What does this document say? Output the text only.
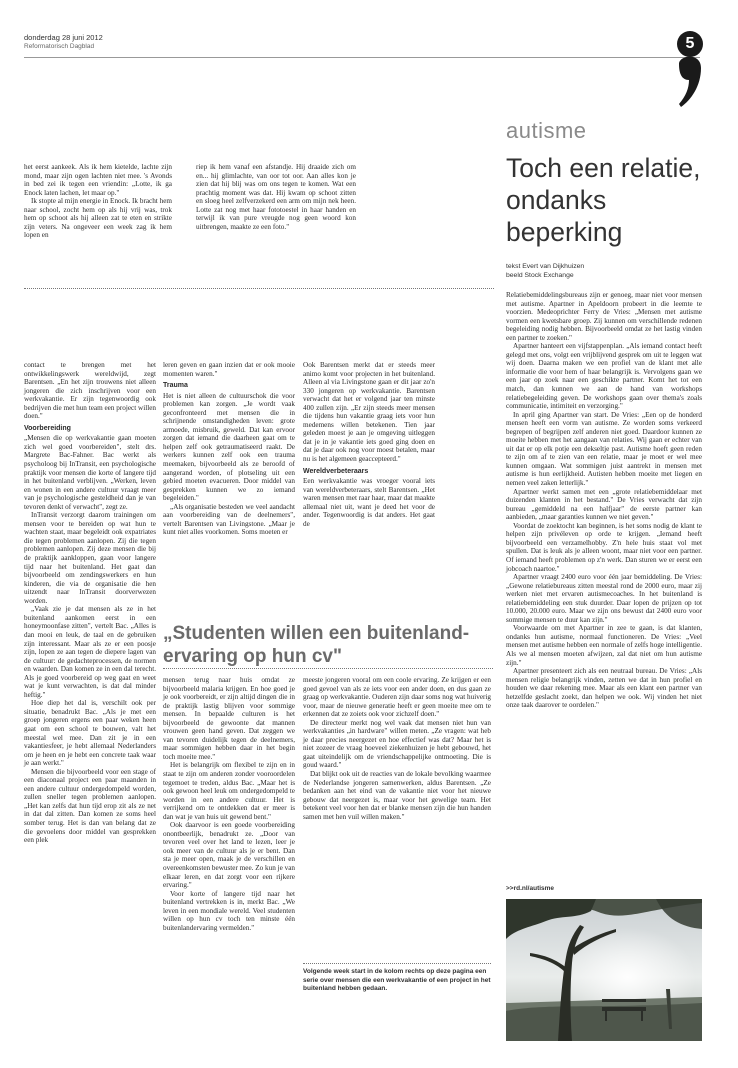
donderdag 28 juni 2012
Reformatorisch Dagblad	5

het eerst aankeek. Als ik hem kietelde, lachte zijn mond, maar zijn ogen lachten niet mee. 's Avonds in bed zei ik tegen een vriendin: „Lotte, ik ga Enock laten lachen, let maar op."

Ik stopte al mijn energie in Enock. Ik bracht hem naar school, zocht hem op als hij vrij was, trok hem op schoot als hij alleen zat te eten en strikte zijn veters. Na ongeveer een week zag ik hem lopen en

riep ik hem vanaf een afstandje. Hij draaide zich om en... hij glimlachte, van oor tot oor. Aan alles kon je zien dat hij blij was om ons tegen te komen. Wat een prachtig moment was dat. Hij kwam op schoot zitten en sloeg heel zelfverzekerd een arm om mijn nek heen. Lotte zat nog met haar fototoestel in haar handen en terwijl ik van pure vreugde nog geen woord kon uitbrengen, maakte ze een foto."

autisme
Toch een relatie, ondanks beperking
tekst Evert van Dijkhuizen
beeld Stock Exchange

Relatiebemiddelingsbureaus zijn er genoeg, maar niet voor mensen met autisme. Apartner in Apeldoorn probeert in die leemte te voorzien. Medeoprichter Ferry de Vries: „Mensen met autisme vormen een kwetsbare groep. Zij kunnen om verschillende redenen begeleiding nodig hebben. Bijvoorbeeld omdat ze het lastig vinden een partner te zoeken."

Apartner hanteert een vijfstappenplan. „Als iemand contact heeft gelegd met ons, volgt een vrijblijvend gesprek om uit te leggen wat wij doen. Daarna maken we een profiel van de klant met alle informatie die voor hem of haar belangrijk is. Vervolgens gaan we een jaar op zoek naar een geschikte partner. Komt het tot een match, dan kunnen we aan de hand van workshops relatiebegeleiding geven. De workshops gaan over thema's zoals communicatie, intimiteit en verzorging."

In april ging Apartner van start. De Vries: „Een op de honderd mensen heeft een vorm van autisme. Ze worden soms verkeerd begrepen of begrijpen zelf anderen niet goed. Daardoor kunnen ze moeite hebben met het aangaan van relaties. Wij gaan er echter van uit dat er op elk potje een dekseltje past. Autisme hoeft geen reden te zijn om af te zien van een relatie, maar je moet er wel mee kunnen omgaan. Wat sommigen juist aantrekt in mensen met autisme is hun eerlijkheid. Autisten hebben moeite met liegen en nemen veel zaken letterlijk."

Apartner werkt samen met een „grote relatiebemiddelaar met duizenden klanten in het bestand." De Vries verwacht dat zijn bureau „gemiddeld na een halfjaar" de eerste partner kan aanbieden, „maar garanties kunnen we niet geven."

Voordat de zoektocht kan beginnen, is het soms nodig de klant te helpen zijn privéleven op orde te krijgen. „Iemand heeft bijvoorbeeld een verzamelhobby. Z'n hele huis staat vol met spullen. Dat is leuk als je alleen woont, maar niet voor een partner. Of iemand heeft problemen op z'n werk. Dan sturen we er eerst een jobcoach naartoe."

Apartner vraagt 2400 euro voor één jaar bemiddeling. De Vries: „Gewone relatiebureaus zitten meestal rond de 2000 euro, maar zij werken niet met ervaren autismecoaches. In het buitenland is relatiebemiddeling een stuk duurder. Daar lopen de prijzen op tot 10.000, 20.000 euro. Maar we zijn ons bewust dat 2400 euro voor sommige mensen te duur kan zijn."

Voorwaarde om met Apartner in zee te gaan, is dat klanten, ondanks hun autisme, normaal functioneren. De Vries: „Veel mensen met autisme hebben een normale of zelfs hoge intelligentie. Als we al mensen moeten afwijzen, zal dat niet om hun autisme zijn."

Apartner presenteert zich als een neutraal bureau. De Vries: „Als mensen religie belangrijk vinden, zetten we dat in hun profiel en houden we daar rekening mee. Maar als een klant een partner van hetzelfde geslacht zoekt, dan helpen we ook. Wij vinden het niet onze taak daarover te oordelen."

>>rd.nl/autisme

contact te brengen met het ontwikkelingswerk wereldwijd, zegt Barentsen. „En het zijn trouwens niet alleen jongeren die zich inschrijven voor een werkvakantie. Er zijn tegenwoordig ook bedrijven die met hun team een project willen doen."

Voorbereiding

„Mensen die op werkvakantie gaan moeten zich wel goed voorbereiden", stelt drs. Margrete Bac-Fahner. Bac werkt als psycholoog bij InTransit, een psychologische praktijk voor mensen die korte of langere tijd in het buitenland verblijven. „Werken, leven en wonen in een andere cultuur vraagt meer van je psychologische gesteldheid dan je van tevoren denkt of verwacht", zegt ze.

InTransit verzorgt daarom trainingen om mensen voor te bereiden op wat hun te wachten staat, maar begeleidt ook expatriates die tegen problemen aanlopen. Zij die tegen problemen aanlopen. Zij deze mensen die bij de praktijk aankloppen, gaan voor langere tijd naar het buitenland. Het gaat dan bijvoorbeeld om zendingswerkers en hun kinderen, die via de organisatie die hen uitzendt naar InTransit doorverwezen worden.

„Vaak zie je dat mensen als ze in het buitenland aankomen eerst in een honeymoonfase zitten", vertelt Bac. „Alles is dan mooi en leuk, de taal en de gebruiken zijn interessant. Maar als ze er een poosje zijn, lopen ze aan tegen de diepere lagen van de cultuur: de gedachteprocessen, de normen en waarden. Dan komen ze in een dal terecht. Als je goed voorbereid op weg gaat en weet wat je kunt verwachten, is dat dal minder heftig."

Hoe diep het dal is, verschilt ook per situatie, benadrukt Bac. „Als je met een groep jongeren ergens een paar weken heen gaat om een school te bouwen, valt het meestal wel mee. Dan zit je in een vakantiesfeer, je hebt allemaal Nederlanders om je heen en je hebt een concrete taak waar je aan werkt."

Mensen die bijvoorbeeld voor een stage of een diaconaal project een paar maanden in een andere cultuur ondergedompeld worden, zullen sneller tegen problemen aanlopen. „Het kan zelfs dat hun tijd erop zit als ze net in dat dal zitten. Dan komen ze soms heel somber terug. Het is dan van belang dat ze die gevoelens door middel van gesprekken een plek

leren geven en gaan inzien dat er ook mooie momenten waren."

Trauma

Het is niet alleen de cultuurschok die voor problemen kan zorgen. „Je wordt vaak geconfronteerd met mensen die in schrijnende omstandigheden leven: grote armoede, misbruik, geweld. Dat kan ervoor zorgen dat iemand die daarheen gaat om te helpen zelf ook getraumatiseerd raakt. De werkers kunnen zelf ook een trauma meemaken, bijvoorbeeld als ze beroofd of aangerand worden, of plotseling uit een gebied moeten evacueren. Door middel van gesprekken kunnen we zo iemand begeleiden."

„Als organisatie besteden we veel aandacht aan voorbereiding van de deelnemers", vertelt Barentsen van Livingstone. „Maar je kunt niet alles voorkomen. Soms moeten er

Ook Barentsen merkt dat er steeds meer animo komt voor projecten in het buitenland. Alleen al via Livingstone gaan er dit jaar zo'n 330 jongeren op werkvakantie. Barentsen verwacht dat het er volgend jaar ten minste 400 zullen zijn. „Er zijn steeds meer mensen die tijdens hun vakantie graag iets voor hun medemens willen betekenen. Tien jaar geleden moest je aan je omgeving uitleggen dat je in je vakantie iets goed ging doen en dat je daar ook nog voor moest betalen, maar nu is het algemeen geaccepteerd."

Wereldverbeteraars

Een werkvakantie was vroeger vooral iets van wereldverbeteraars, stelt Barentsen. „Het waren mensen met raar haar, maar dat maakte allemaal niet uit, want je deed het voor de ander. Tegenwoordig is dat anders. Het gaat de

„Studenten willen een buitenland-ervaring op hun cv"

mensen terug naar huis omdat ze bijvoorbeeld malaria krijgen. En hoe goed je je ook voorbereidt, er zijn altijd dingen die in de praktijk lastig blijven voor sommige mensen. In bepaalde culturen is het bijvoorbeeld de gewoonte dat mannen vrouwen geen hand geven. Dat zeggen we van tevoren duidelijk tegen de deelnemers, maar sommigen hebben daar in het begin toch moeite mee."

Het is belangrijk om flexibel te zijn en in staat te zijn om anderen zonder vooroordelen tegemoet te treden, aldus Bac. „Maar het is ook gewoon heel leuk om ondergedompeld te worden in een andere cultuur. Het is verrijkend om te ontdekken dat er meer is dan wat je van huis uit gewend bent."

Ook daarvoor is een goede voorbereiding onontbeerlijk, benadrukt ze. „Door van tevoren veel over het land te lezen, leer je ook meer van de cultuur als je er bent. Dan sta je meer open, maak je de verschillen en overeenkomsten bewuster mee. Zo kun je van elkaar leren, en dat zorgt voor een rijkere ervaring."

Voor korte of langere tijd naar het buitenland vertrekken is in, merkt Bac. „We leven in een mondiale wereld. Veel studenten willen op hun cv toch ten minste één buitenlandervaring vermelden."

meeste jongeren vooral om een coole ervaring. Ze krijgen er een goed gevoel van als ze iets voor een ander doen, en dus gaan ze graag op werkvakantie. Ouderen zijn daar soms nog wat huiverig voor, maar de nieuwe generatie heeft er geen moeite mee om te erkennen dat ze zoiets ook voor zichzelf doen."

De directeur merkt nog wel vaak dat mensen niet hun van werkvakanties „in hardware" willen meten. „Ze vragen: wat heb je daar precies neergezet en hoe effectief was dat? Maar het is niet zozeer de vraag hoeveel ziekenhuizen je hebt gebouwd, het gaat uiteindelijk om de vriendschappelijke ontmoeting. Die is goud waard."

Dat blijkt ook uit de reacties van de lokale bevolking waarmee de Nederlandse jongeren samenwerken, aldus Barentsen. „Ze bedanken aan het eind van de vakantie niet voor het nieuwe gebouw dat neergezet is, maar voor het gewelige team. Het betekent veel voor hen dat er blanke mensen zijn die hun handen samen met hen vuil willen maken."

Volgende week start in de kolom rechts op deze pagina een serie over mensen die een werkvakantie of een project in het buitenland hebben gedaan.
